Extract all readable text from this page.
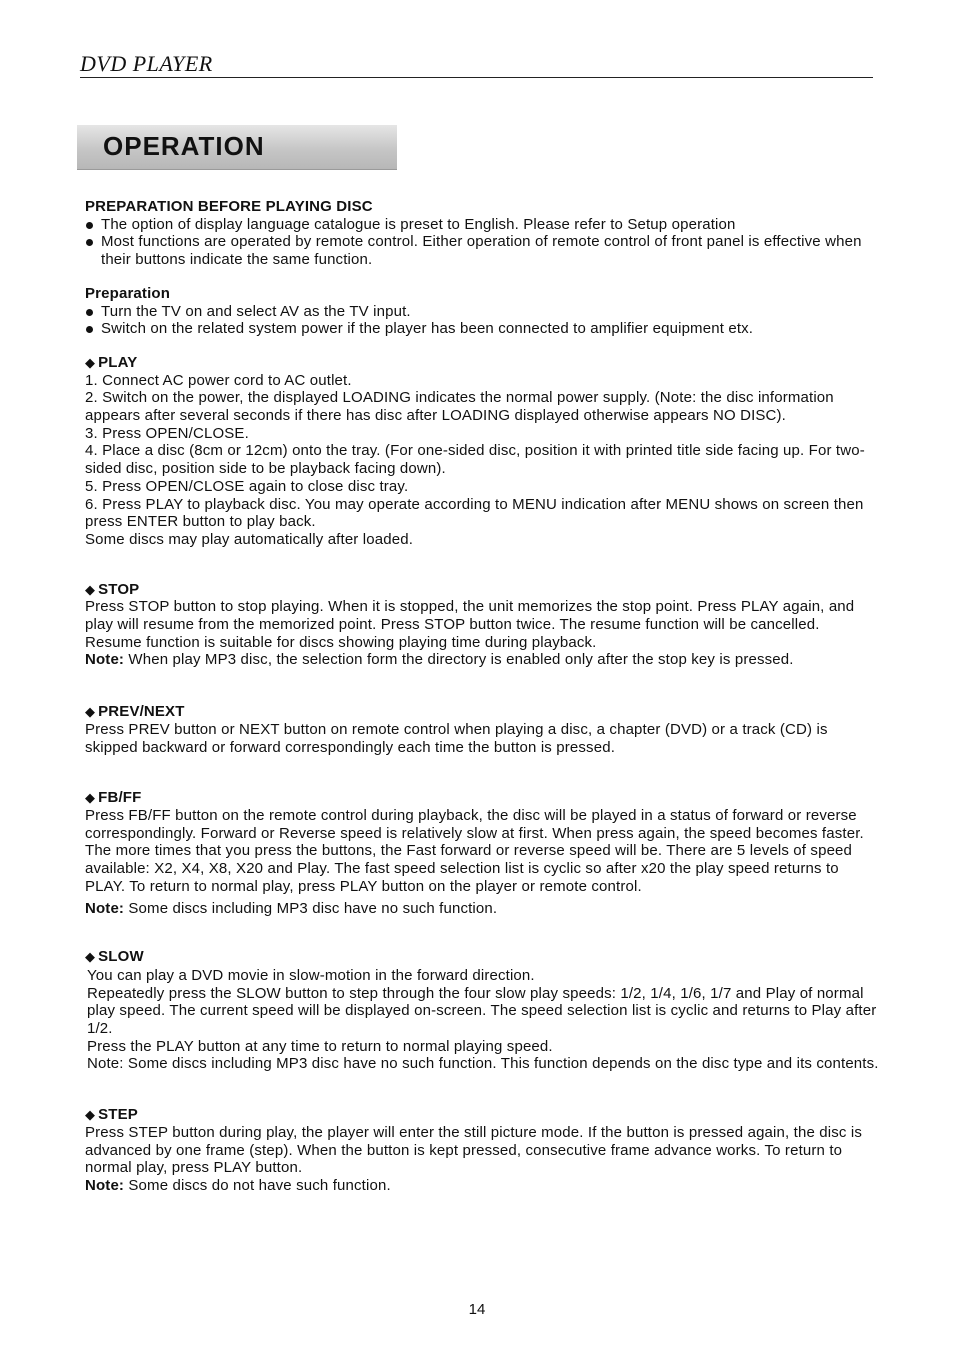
DVD PLAYER
OPERATION

PREPARATION BEFORE PLAYING DISC

The option of display language catalogue is preset to English. Please refer to Setup operation
Most functions are operated by remote control. Either operation of remote control of front panel is effective when their buttons indicate the same function.

Preparation

Turn the TV on and select AV as the TV input.
Switch on the related system power if the player has been connected to amplifier equipment etx.

◆ PLAY

1. Connect AC power cord to AC outlet.

2. Switch on the power, the displayed LOADING indicates the normal power supply. (Note: the disc information appears after several seconds if there has disc after LOADING displayed otherwise appears NO DISC).

3. Press OPEN/CLOSE.

4. Place a disc (8cm or 12cm) onto the tray. (For one-sided disc, position it with printed title side facing up. For two-sided disc, position side to be playback facing down).

5. Press OPEN/CLOSE again to close disc tray.

6. Press PLAY to playback disc. You may operate according to MENU indication after MENU shows on screen then press ENTER button to play back.

Some discs may play automatically after loaded.

◆ STOP

Press STOP button to stop playing. When it is stopped, the unit memorizes the stop point. Press PLAY again, and play will resume from the memorized point. Press STOP button twice. The resume function will be cancelled. Resume function is suitable for discs showing playing time during playback.

Note: When play MP3 disc, the selection form the directory is enabled only after the stop key is pressed.

◆ PREV/NEXT

Press PREV button or NEXT button on remote control when playing a disc, a chapter (DVD) or a track (CD) is skipped backward or forward correspondingly each time the button is pressed.

◆ FB/FF

Press FB/FF button on the remote control during playback, the disc will be played in a status of forward or reverse correspondingly. Forward or Reverse speed is relatively slow at first. When press again, the speed becomes faster. The more times that you press the buttons, the Fast forward or reverse speed will be. There are 5 levels of speed available: X2, X4, X8, X20 and Play. The fast speed selection list is cyclic so after x20 the play speed returns to PLAY. To return to normal play, press PLAY button on the player or remote control.

Note: Some discs including MP3 disc have no such function.

◆ SLOW

You can play a DVD movie in slow-motion in the forward direction.

Repeatedly press the SLOW button to step through the four slow play speeds: 1/2, 1/4, 1/6, 1/7 and Play of normal play speed. The current speed will be displayed on-screen. The speed selection list is cyclic and returns to Play after 1/2.

Press the PLAY button at any time to return to normal playing speed.

Note: Some discs including MP3 disc have no such function. This function depends on the disc type and its contents.

◆ STEP

Press STEP button during play, the player will enter the still picture mode. If the button is pressed again, the disc is advanced by one frame (step). When the button is kept pressed, consecutive frame advance works. To return to normal play, press PLAY button.

Note: Some discs do not have such function.

14
